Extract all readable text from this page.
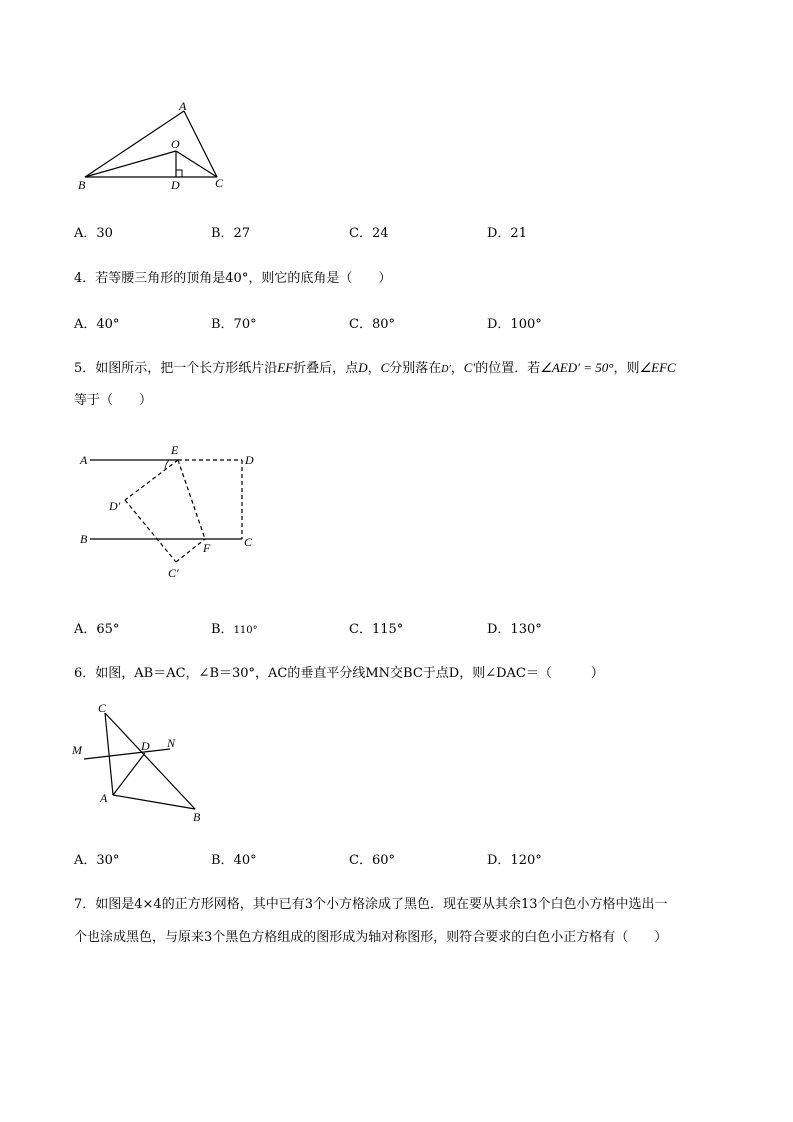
A
O
B	D	C
A．30	B．27	C．24	D．21
4．若等腰三角形的顶角是40°，则它的底角是（　　）
A．40°	B．70°	C．80°	D．100°
5．如图所示，把一个长方形纸片沿EF折叠后，点D，C分别落在D′，C′的位置．若∠AED′ = 50°，则∠EFC
等于（　　）
A
E
D
D′
B
F	C
C′
A．65°	B．110°	C．115°	D．130°
6．如图，AB＝AC，∠B＝30°，AC的垂直平分线MN交BC于点D，则∠DAC＝（　　　）
C
M	D N
A
B
A．30°	B．40°	C．60°	D．120°
7．如图是4×4的正方形网格，其中已有3个小方格涂成了黑色．现在要从其余13个白色小方格中选出一
个也涂成黑色，与原来3个黑色方格组成的图形成为轴对称图形，则符合要求的白色小正方格有（　　）
